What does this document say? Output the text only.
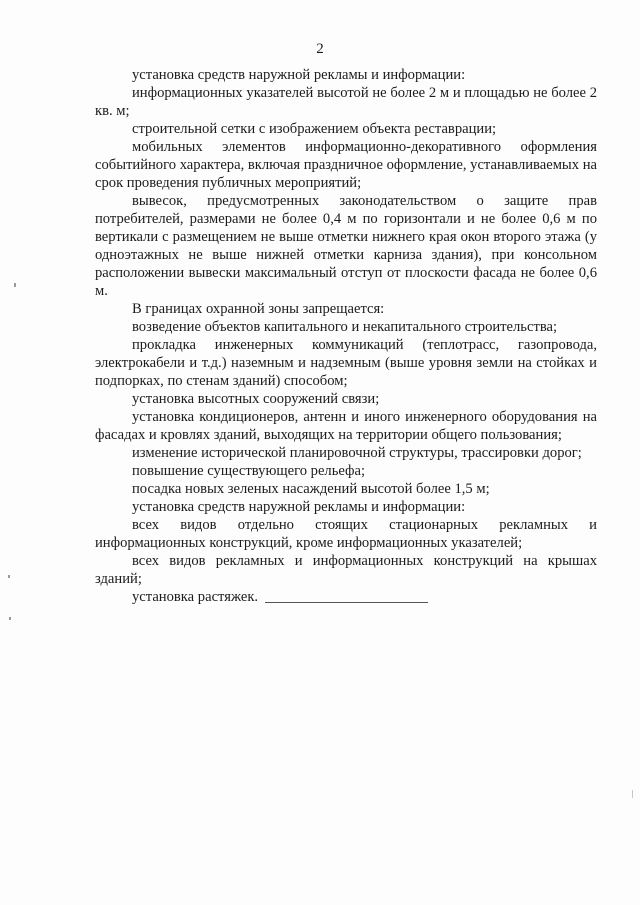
2

установка средств наружной рекламы и информации:

информационных указателей высотой не более 2 м и площадью не более 2 кв. м;

строительной сетки с изображением объекта реставрации;

мобильных элементов информационно-декоративного оформления событийного характера, включая праздничное оформление, устанавливаемых на срок проведения публичных мероприятий;

вывесок, предусмотренных законодательством о защите прав потребителей, размерами не более 0,4 м по горизонтали и не более 0,6 м по вертикали с размещением не выше отметки нижнего края окон второго этажа (у одноэтажных не выше нижней отметки карниза здания), при консольном расположении вывески максимальный отступ от плоскости фасада не более 0,6 м.

В границах охранной зоны запрещается:

возведение объектов капитального и некапитального строительства;

прокладка инженерных коммуникаций (теплотрасс, газопровода, электрокабели и т.д.) наземным и надземным (выше уровня земли на стойках и подпорках, по стенам зданий) способом;

установка высотных сооружений связи;

установка кондиционеров, антенн и иного инженерного оборудования на фасадах и кровлях зданий, выходящих на территории общего пользования;

изменение исторической планировочной структуры, трассировки дорог;

повышение существующего рельефа;

посадка новых зеленых насаждений высотой более 1,5 м;

установка средств наружной рекламы и информации:

всех видов отдельно стоящих стационарных рекламных и информационных конструкций, кроме информационных указателей;

всех видов рекламных и информационных конструкций на крышах зданий;

установка растяжек.
